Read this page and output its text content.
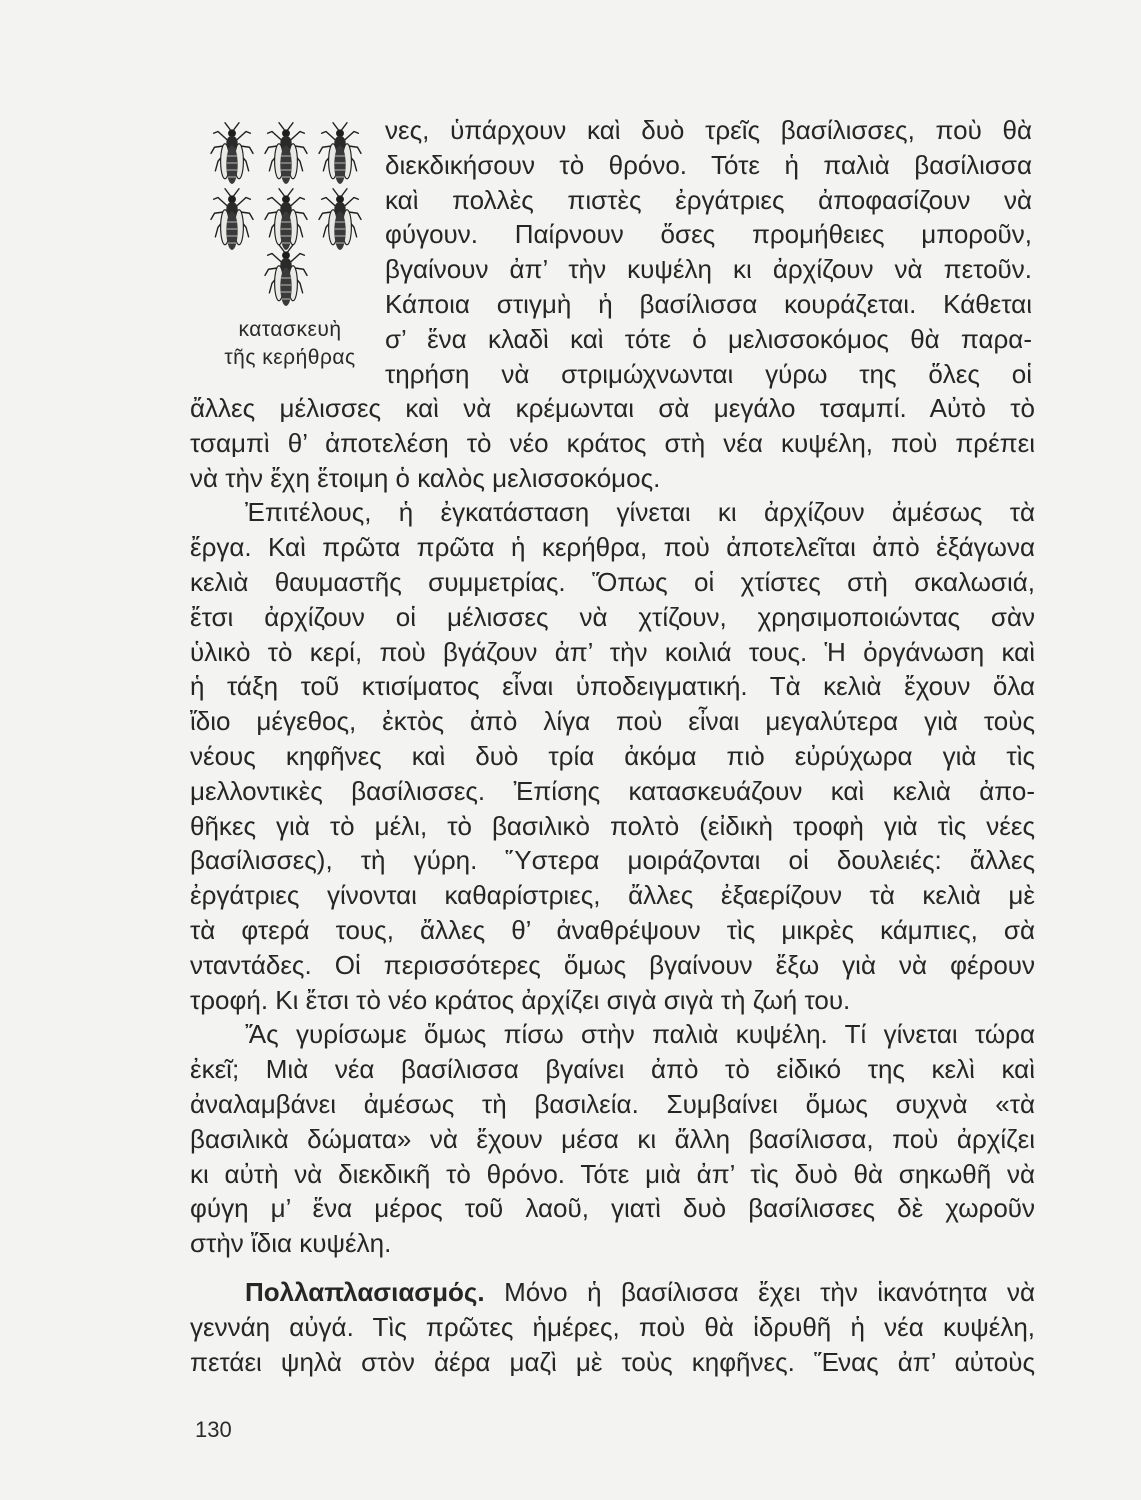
κατασκευὴ
τῆς κερήθρας
νες, ὑπάρχουν καὶ δυὸ τρεῖς βασίλισσες, ποὺ θὰ
διεκδικήσουν τὸ θρόνο. Τότε ἡ παλιὰ βασίλισσα
καὶ πολλὲς πιστὲς ἐργάτριες ἀποφασίζουν νὰ
φύγουν. Παίρνουν ὅσες προμήθειες μποροῦν,
βγαίνουν ἀπ’ τὴν κυψέλη κι ἀρχίζουν νὰ πετοῦν.
Κάποια στιγμὴ ἡ βασίλισσα κουράζεται. Κάθεται
σ’ ἕνα κλαδὶ καὶ τότε ὁ μελισσοκόμος θὰ παρα-
τηρήση νὰ στριμώχνωνται γύρω της ὅλες οἱ
ἄλλες μέλισσες καὶ νὰ κρέμωνται σὰ μεγάλο τσαμπί. Αὐτὸ τὸ
τσαμπὶ θ’ ἀποτελέση τὸ νέο κράτος στὴ νέα κυψέλη, ποὺ πρέπει
νὰ τὴν ἔχη ἕτοιμη ὁ καλὸς μελισσοκόμος.
Ἐπιτέλους, ἡ ἐγκατάσταση γίνεται κι ἀρχίζουν ἀμέσως τὰ
ἔργα. Καὶ πρῶτα πρῶτα ἡ κερήθρα, ποὺ ἀποτελεῖται ἀπὸ ἑξάγωνα
κελιὰ θαυμαστῆς συμμετρίας. Ὅπως οἱ χτίστες στὴ σκαλωσιά,
ἔτσι ἀρχίζουν οἱ μέλισσες νὰ χτίζουν, χρησιμοποιώντας σὰν
ὑλικὸ τὸ κερί, ποὺ βγάζουν ἀπ’ τὴν κοιλιά τους. Ἡ ὀργάνωση καὶ
ἡ τάξη τοῦ κτισίματος εἶναι ὑποδειγματική. Τὰ κελιὰ ἔχουν ὅλα
ἴδιο μέγεθος, ἐκτὸς ἀπὸ λίγα ποὺ εἶναι μεγαλύτερα γιὰ τοὺς
νέους κηφῆνες καὶ δυὸ τρία ἀκόμα πιὸ εὐρύχωρα γιὰ τὶς
μελλοντικὲς βασίλισσες. Ἐπίσης κατασκευάζουν καὶ κελιὰ ἀπο-
θῆκες γιὰ τὸ μέλι, τὸ βασιλικὸ πολτὸ (εἰδικὴ τροφὴ γιὰ τὶς νέες
βασίλισσες), τὴ γύρη. Ὕστερα μοιράζονται οἱ δουλειές: ἄλλες
ἐργάτριες γίνονται καθαρίστριες, ἄλλες ἐξαερίζουν τὰ κελιὰ μὲ
τὰ φτερά τους, ἄλλες θ’ ἀναθρέψουν τὶς μικρὲς κάμπιες, σὰ
νταντάδες. Οἱ περισσότερες ὅμως βγαίνουν ἔξω γιὰ νὰ φέρουν
τροφή. Κι ἔτσι τὸ νέο κράτος ἀρχίζει σιγὰ σιγὰ τὴ ζωή του.
Ἄς γυρίσωμε ὅμως πίσω στὴν παλιὰ κυψέλη. Τί γίνεται τώρα
ἐκεῖ; Μιὰ νέα βασίλισσα βγαίνει ἀπὸ τὸ εἰδικό της κελὶ καὶ
ἀναλαμβάνει ἀμέσως τὴ βασιλεία. Συμβαίνει ὅμως συχνὰ «τὰ
βασιλικὰ δώματα» νὰ ἔχουν μέσα κι ἄλλη βασίλισσα, ποὺ ἀρχίζει
κι αὐτὴ νὰ διεκδικῆ τὸ θρόνο. Τότε μιὰ ἀπ’ τὶς δυὸ θὰ σηκωθῆ νὰ
φύγη μ’ ἕνα μέρος τοῦ λαοῦ, γιατὶ δυὸ βασίλισσες δὲ χωροῦν
στὴν ἴδια κυψέλη.
Πολλαπλασιασμός. Μόνο ἡ βασίλισσα ἔχει τὴν ἱκανότητα νὰ
γεννάη αὐγά. Τὶς πρῶτες ἡμέρες, ποὺ θὰ ἱδρυθῆ ἡ νέα κυψέλη,
πετάει ψηλὰ στὸν ἀέρα μαζὶ μὲ τοὺς κηφῆνες. Ἕνας ἀπ’ αὐτοὺς
130
